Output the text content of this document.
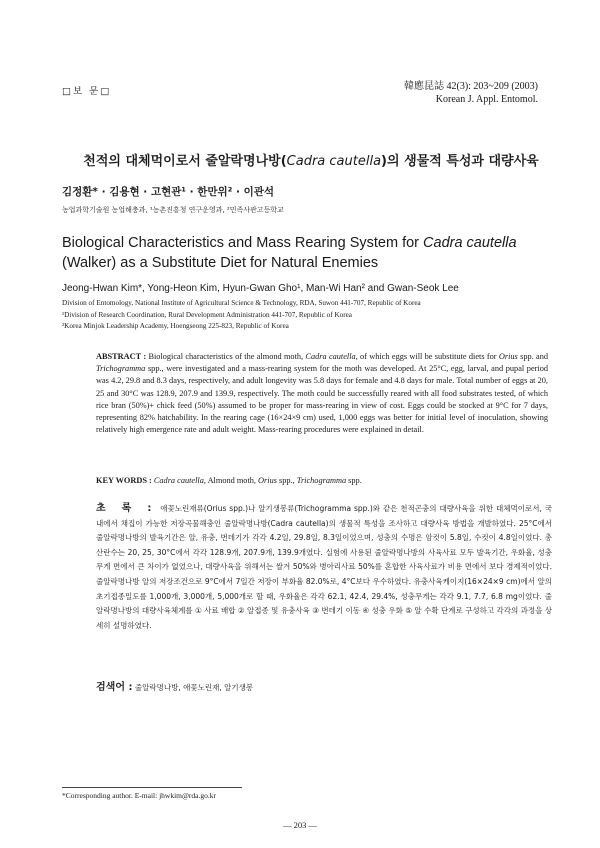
□보 문□	韓應昆誌 42(3): 203~209 (2003)
Korean J. Appl. Entomol.
천적의 대체먹이로서 줄알락명나방(Cadra cautella)의 생물적 특성과 대량사육
김정환* · 김용현 · 고현관¹ · 한만위² · 이관석
농업과학기술원 농업해충과, ¹농촌진흥청 연구운영과, ²민족사관고등학교
Biological Characteristics and Mass Rearing System for Cadra cautella (Walker) as a Substitute Diet for Natural Enemies
Jeong-Hwan Kim*, Yong-Heon Kim, Hyun-Gwan Gho¹, Man-Wi Han² and Gwan-Seok Lee
Division of Entomology, National Institute of Agricultural Science & Technology, RDA, Suwon 441-707, Republic of Korea
¹Division of Research Coordination, Rural Development Administration 441-707, Republic of Korea
²Korea Minjok Leadership Academy, Hoengseong 225-823, Republic of Korea
ABSTRACT : Biological characteristics of the almond moth, Cadra cautella, of which eggs will be substitute diets for Orius spp. and Trichogramma spp., were investigated and a mass-rearing system for the moth was developed. At 25°C, egg, larval, and pupal period was 4.2, 29.8 and 8.3 days, respectively, and adult longevity was 5.8 days for female and 4.8 days for male. Total number of eggs at 20, 25 and 30°C was 128.9, 207.9 and 139.9, respectively. The moth could be successfully reared with all food substrates tested, of which rice bran (50%)+ chick feed (50%) assumed to be proper for mass-rearing in view of cost. Eggs could be stocked at 9°C for 7 days, representing 82% hatchability. In the rearing cage (16×24×9 cm) used, 1,000 eggs was better for initial level of inoculation, showing relatively high emergence rate and adult weight. Mass-rearing procedures were explained in detail.
KEY WORDS : Cadra cautella, Almond moth, Orius spp., Trichogramma spp.
초 록 : 애꽃노린재류(Orius spp.)나 알기생봉류(Trichogramma spp.)와 같은 천적곤충의 대량사육을 위한 대체먹이로서, 국내에서 채집이 가능한 저장곡물해충인 줄알락명나방(Cadra cautella)의 생물적 특성을 조사하고 대량사육 방법을 개발하였다. 25°C에서 줄알락명나방의 발육기간은 알, 유충, 번데기가 각각 4.2일, 29.8일, 8.3일이었으며, 성충의 수명은 암컷이 5.8일, 수컷이 4.8일이었다. 총산란수는 20, 25, 30°C에서 각각 128.9개, 207.9개, 139.9개였다. 실험에 사용된 줄알락명나방의 사육사료 모두 발육기간, 우화율, 성충무게 면에서 큰 차이가 없었으나, 대량사육을 위해서는 쌀겨 50%와 병아리사료 50%를 혼합한 사육사료가 비용 면에서 보다 경제적이었다. 줄알락명나방 알의 저장조건으로 9°C에서 7일간 저장이 부화율 82.0%로, 4°C보다 우수하였다. 유충사육케이지(16×24×9 cm)에서 알의 초기접종밀도를 1,000개, 3,000개, 5,000개로 할 때, 우화율은 각각 62.1, 42.4, 29.4%, 성충무게는 각각 9.1, 7.7, 6.8 mg이었다. 줄알락명나방의 대량사육체계를 ① 사료 배합 ② 알접종 및 유충사육 ③ 번데기 이동 ④ 성충 우화 ⑤ 알 수확 단계로 구성하고 각각의 과정을 상세히 설명하였다.
검색어 : 줄알락명나방, 애꽃노린재, 알기생봉
*Corresponding author. E-mail: jhwkim@rda.go.kr
— 203 —
